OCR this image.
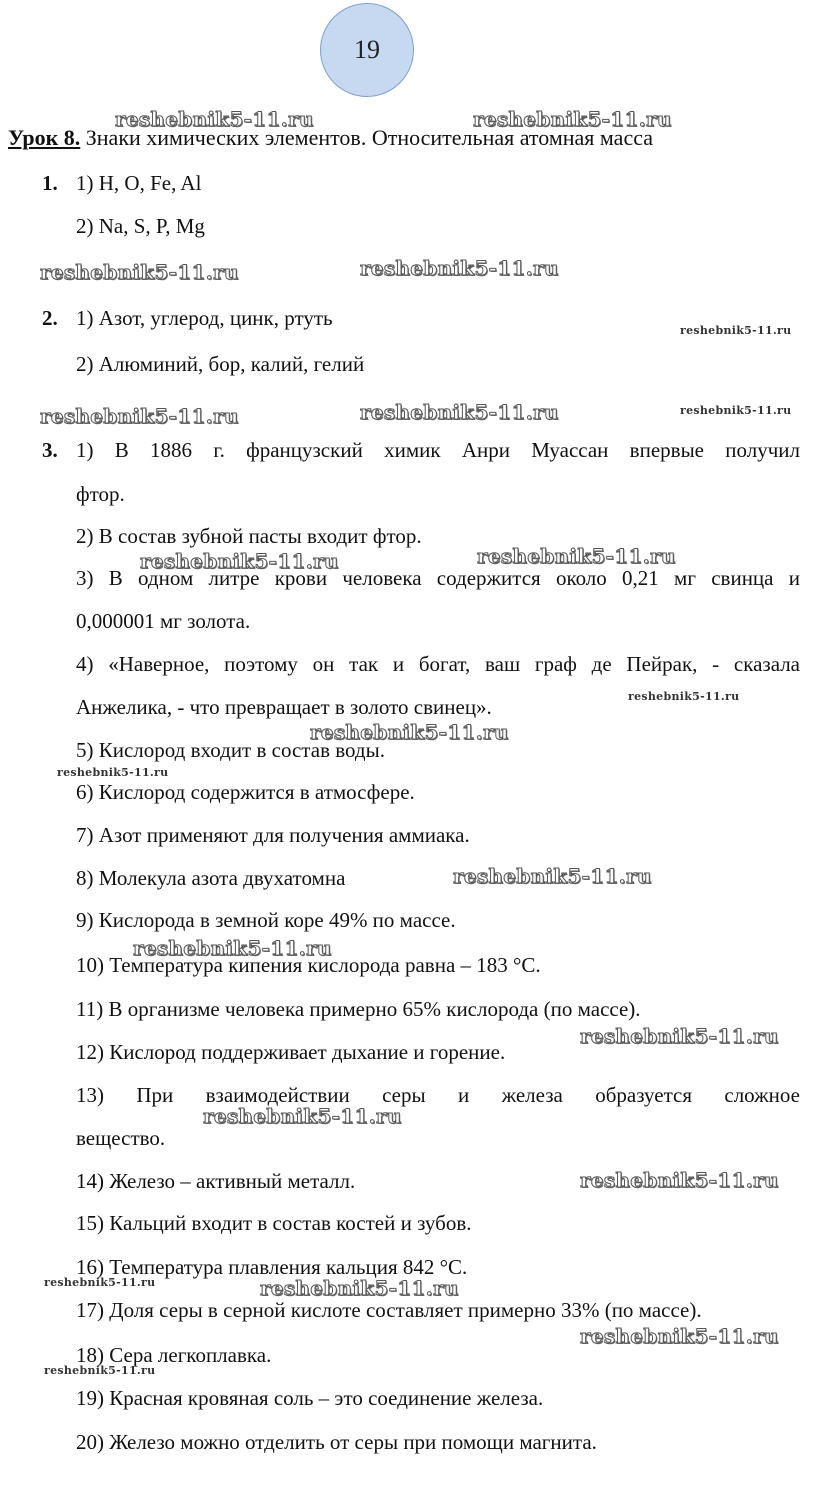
19
Урок 8. Знаки химических элементов. Относительная атомная масса
1. 1) H, O, Fe, Al
2) Na, S, P, Mg
2. 1) Азот, углерод, цинк, ртуть
2) Алюминий, бор, калий, гелий
3. 1) В 1886 г. французский химик Анри Муассан впервые получил
фтор.
2) В состав зубной пасты входит фтор.
3) В одном литре крови человека содержится около 0,21 мг свинца и
0,000001 мг золота.
4) «Наверное, поэтому он так и богат, ваш граф де Пейрак, - сказала
Анжелика, - что превращает в золото свинец».
5) Кислород входит в состав воды.
6) Кислород содержится в атмосфере.
7) Азот применяют для получения аммиака.
8) Молекула азота двухатомна
9) Кислорода в земной коре 49% по массе.
10) Температура кипения кислорода равна – 183 °С.
11) В организме человека примерно 65% кислорода (по массе).
12) Кислород поддерживает дыхание и горение.
13) При взаимодействии серы и железа образуется сложное
вещество.
14) Железо – активный металл.
15) Кальций входит в состав костей и зубов.
16) Температура плавления кальция 842 °С.
17) Доля серы в серной кислоте составляет примерно 33% (по массе).
18) Сера легкоплавка.
19) Красная кровяная соль – это соединение железа.
20) Железо можно отделить от серы при помощи магнита.
reshebnik5-11.ru	reshebnik5-11.ru
reshebnik5-11.ru	reshebnik5-11.ru
reshebnik5-11.ru
reshebnik5-11.ru	reshebnik5-11.ru	reshebnik5-11.ru
reshebnik5-11.ru	reshebnik5-11.ru
reshebnik5-11.ru
reshebnik5-11.ru
reshebnik5-11.ru
reshebnik5-11.ru
reshebnik5-11.ru
reshebnik5-11.ru
reshebnik5-11.ru
reshebnik5-11.ru
reshebnik5-11.ru	reshebnik5-11.ru
reshebnik5-11.ru
reshebnik5-11.ru
